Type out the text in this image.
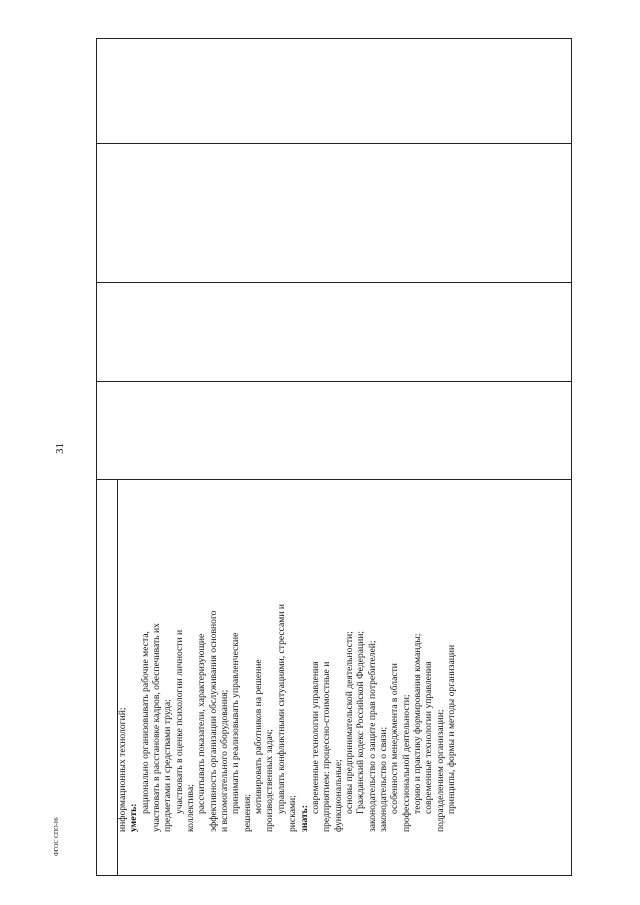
31
информационных технологий; уметь:
рационально организовывать рабочие места, участвовать в расстановке кадров, обеспечивать их предметами и средствами труда; участвовать в оценке психологии личности и коллектива; рассчитывать показатели, характеризующие эффективность организации обслуживания основного и вспомогательного оборудования; принимать и реализовывать управленческие решения; мотивировать работников на решение производственных задач; управлять конфликтными ситуациями, стрессами и рисками; знать:
современные технологии управления предприятием: процессно-стоимостные и функциональные; основы предпринимательской деятельности; Гражданский кодекс Российской Федерации; законодательство о защите прав потребителей; законодательство о связи; особенности менеджмента в области профессиональной деятельности; теорию и практику формирования команды; современные технологии управления подразделением организации; принципы, формы и методы организации
ФГОС СПО-06
